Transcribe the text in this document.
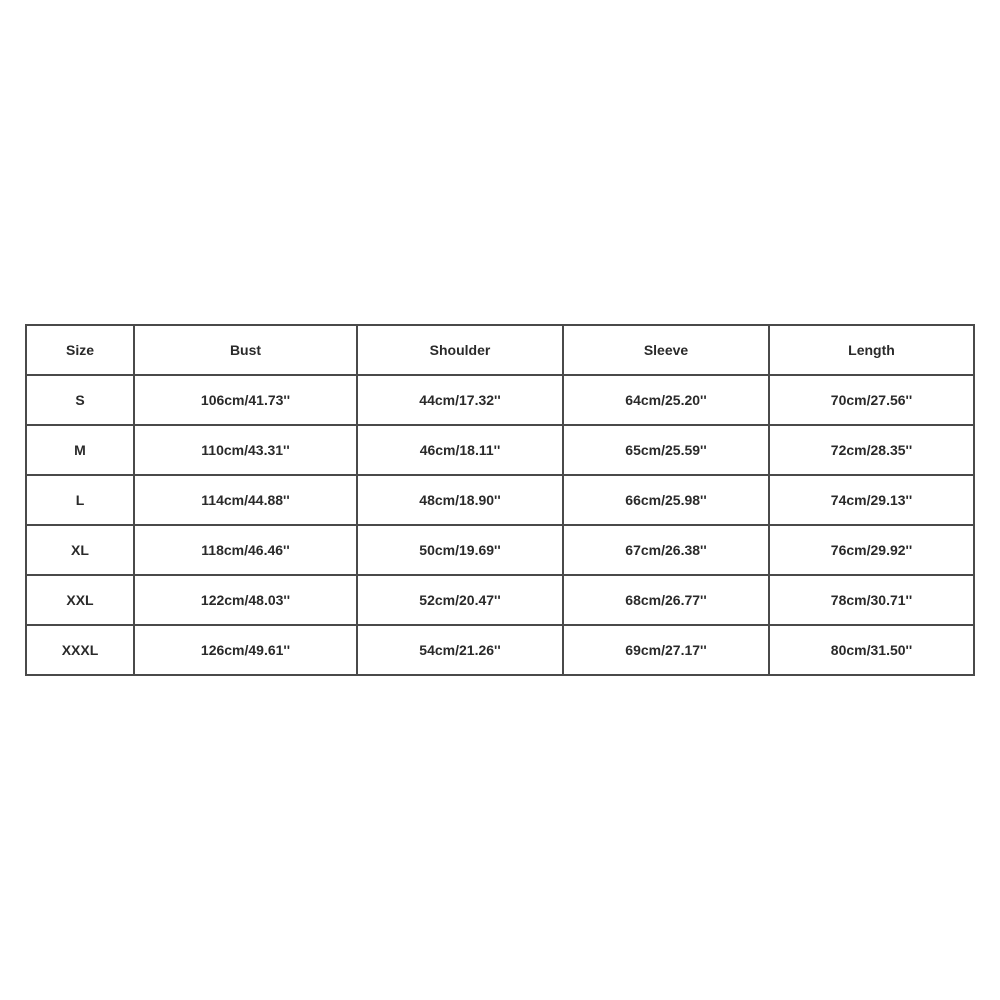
Size	Bust	Shoulder	Sleeve	Length
S	106cm/41.73''	44cm/17.32''	64cm/25.20''	70cm/27.56''
M	110cm/43.31''	46cm/18.11''	65cm/25.59''	72cm/28.35''
L	114cm/44.88''	48cm/18.90''	66cm/25.98''	74cm/29.13''
XL	118cm/46.46''	50cm/19.69''	67cm/26.38''	76cm/29.92''
XXL	122cm/48.03''	52cm/20.47''	68cm/26.77''	78cm/30.71''
XXXL	126cm/49.61''	54cm/21.26''	69cm/27.17''	80cm/31.50''
